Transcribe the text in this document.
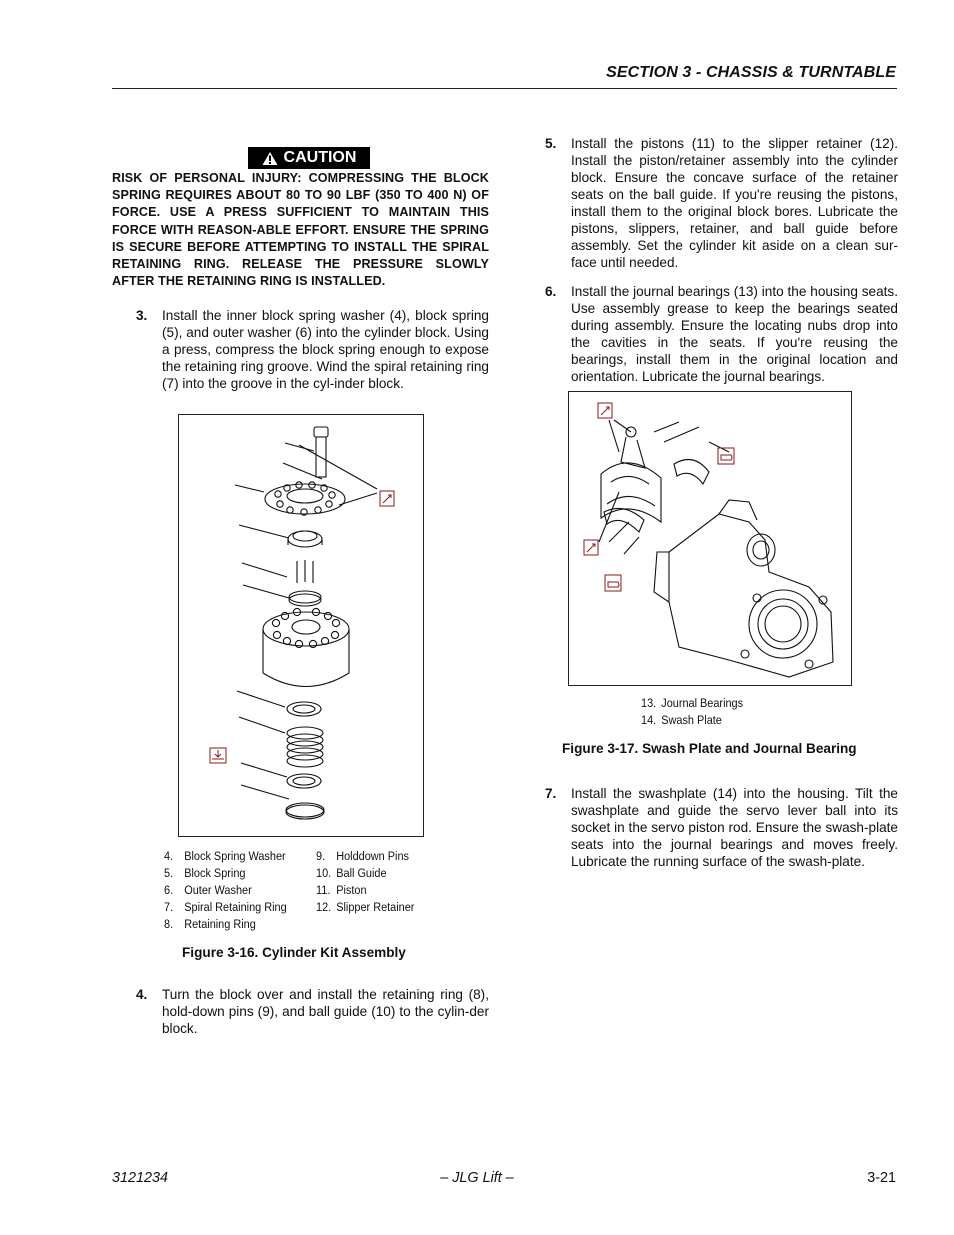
SECTION 3 - CHASSIS & TURNTABLE
CAUTION
RISK OF PERSONAL INJURY: COMPRESSING THE BLOCK SPRING REQUIRES ABOUT 80 TO 90 LBF (350 TO 400 N) OF FORCE. USE A PRESS SUFFICIENT TO MAINTAIN THIS FORCE WITH REASON-ABLE EFFORT. ENSURE THE SPRING IS SECURE BEFORE ATTEMPTING TO INSTALL THE SPIRAL RETAINING RING. RELEASE THE PRESSURE SLOWLY AFTER THE RETAINING RING IS INSTALLED.
3. Install the inner block spring washer (4), block spring (5), and outer washer (6) into the cylinder block. Using a press, compress the block spring enough to expose the retaining ring groove. Wind the spiral retaining ring (7) into the groove in the cyl-inder block.
4. Block Spring Washer
5. Block Spring
6. Outer Washer
7. Spiral Retaining Ring
8. Retaining Ring
9. Holddown Pins
10. Ball Guide
11. Piston
12. Slipper Retainer
Figure 3-16. Cylinder Kit Assembly
4. Turn the block over and install the retaining ring (8), hold-down pins (9), and ball guide (10) to the cylin-der block.
5. Install the pistons (11) to the slipper retainer (12). Install the piston/retainer assembly into the cylinder block. Ensure the concave surface of the retainer seats on the ball guide. If you're reusing the pistons, install them to the original block bores. Lubricate the pistons, slippers, retainer, and ball guide before assembly. Set the cylinder kit aside on a clean sur-face until needed.
6. Install the journal bearings (13) into the housing seats. Use assembly grease to keep the bearings seated during assembly. Ensure the locating nubs drop into the cavities in the seats. If you're reusing the bearings, install them in the original location and orientation. Lubricate the journal bearings.
13. Journal Bearings
14. Swash Plate
Figure 3-17. Swash Plate and Journal Bearing
7. Install the swashplate (14) into the housing. Tilt the swashplate and guide the servo lever ball into its socket in the servo piston rod. Ensure the swash-plate seats into the journal bearings and moves freely. Lubricate the running surface of the swash-plate.
3121234	– JLG Lift –	3-21
